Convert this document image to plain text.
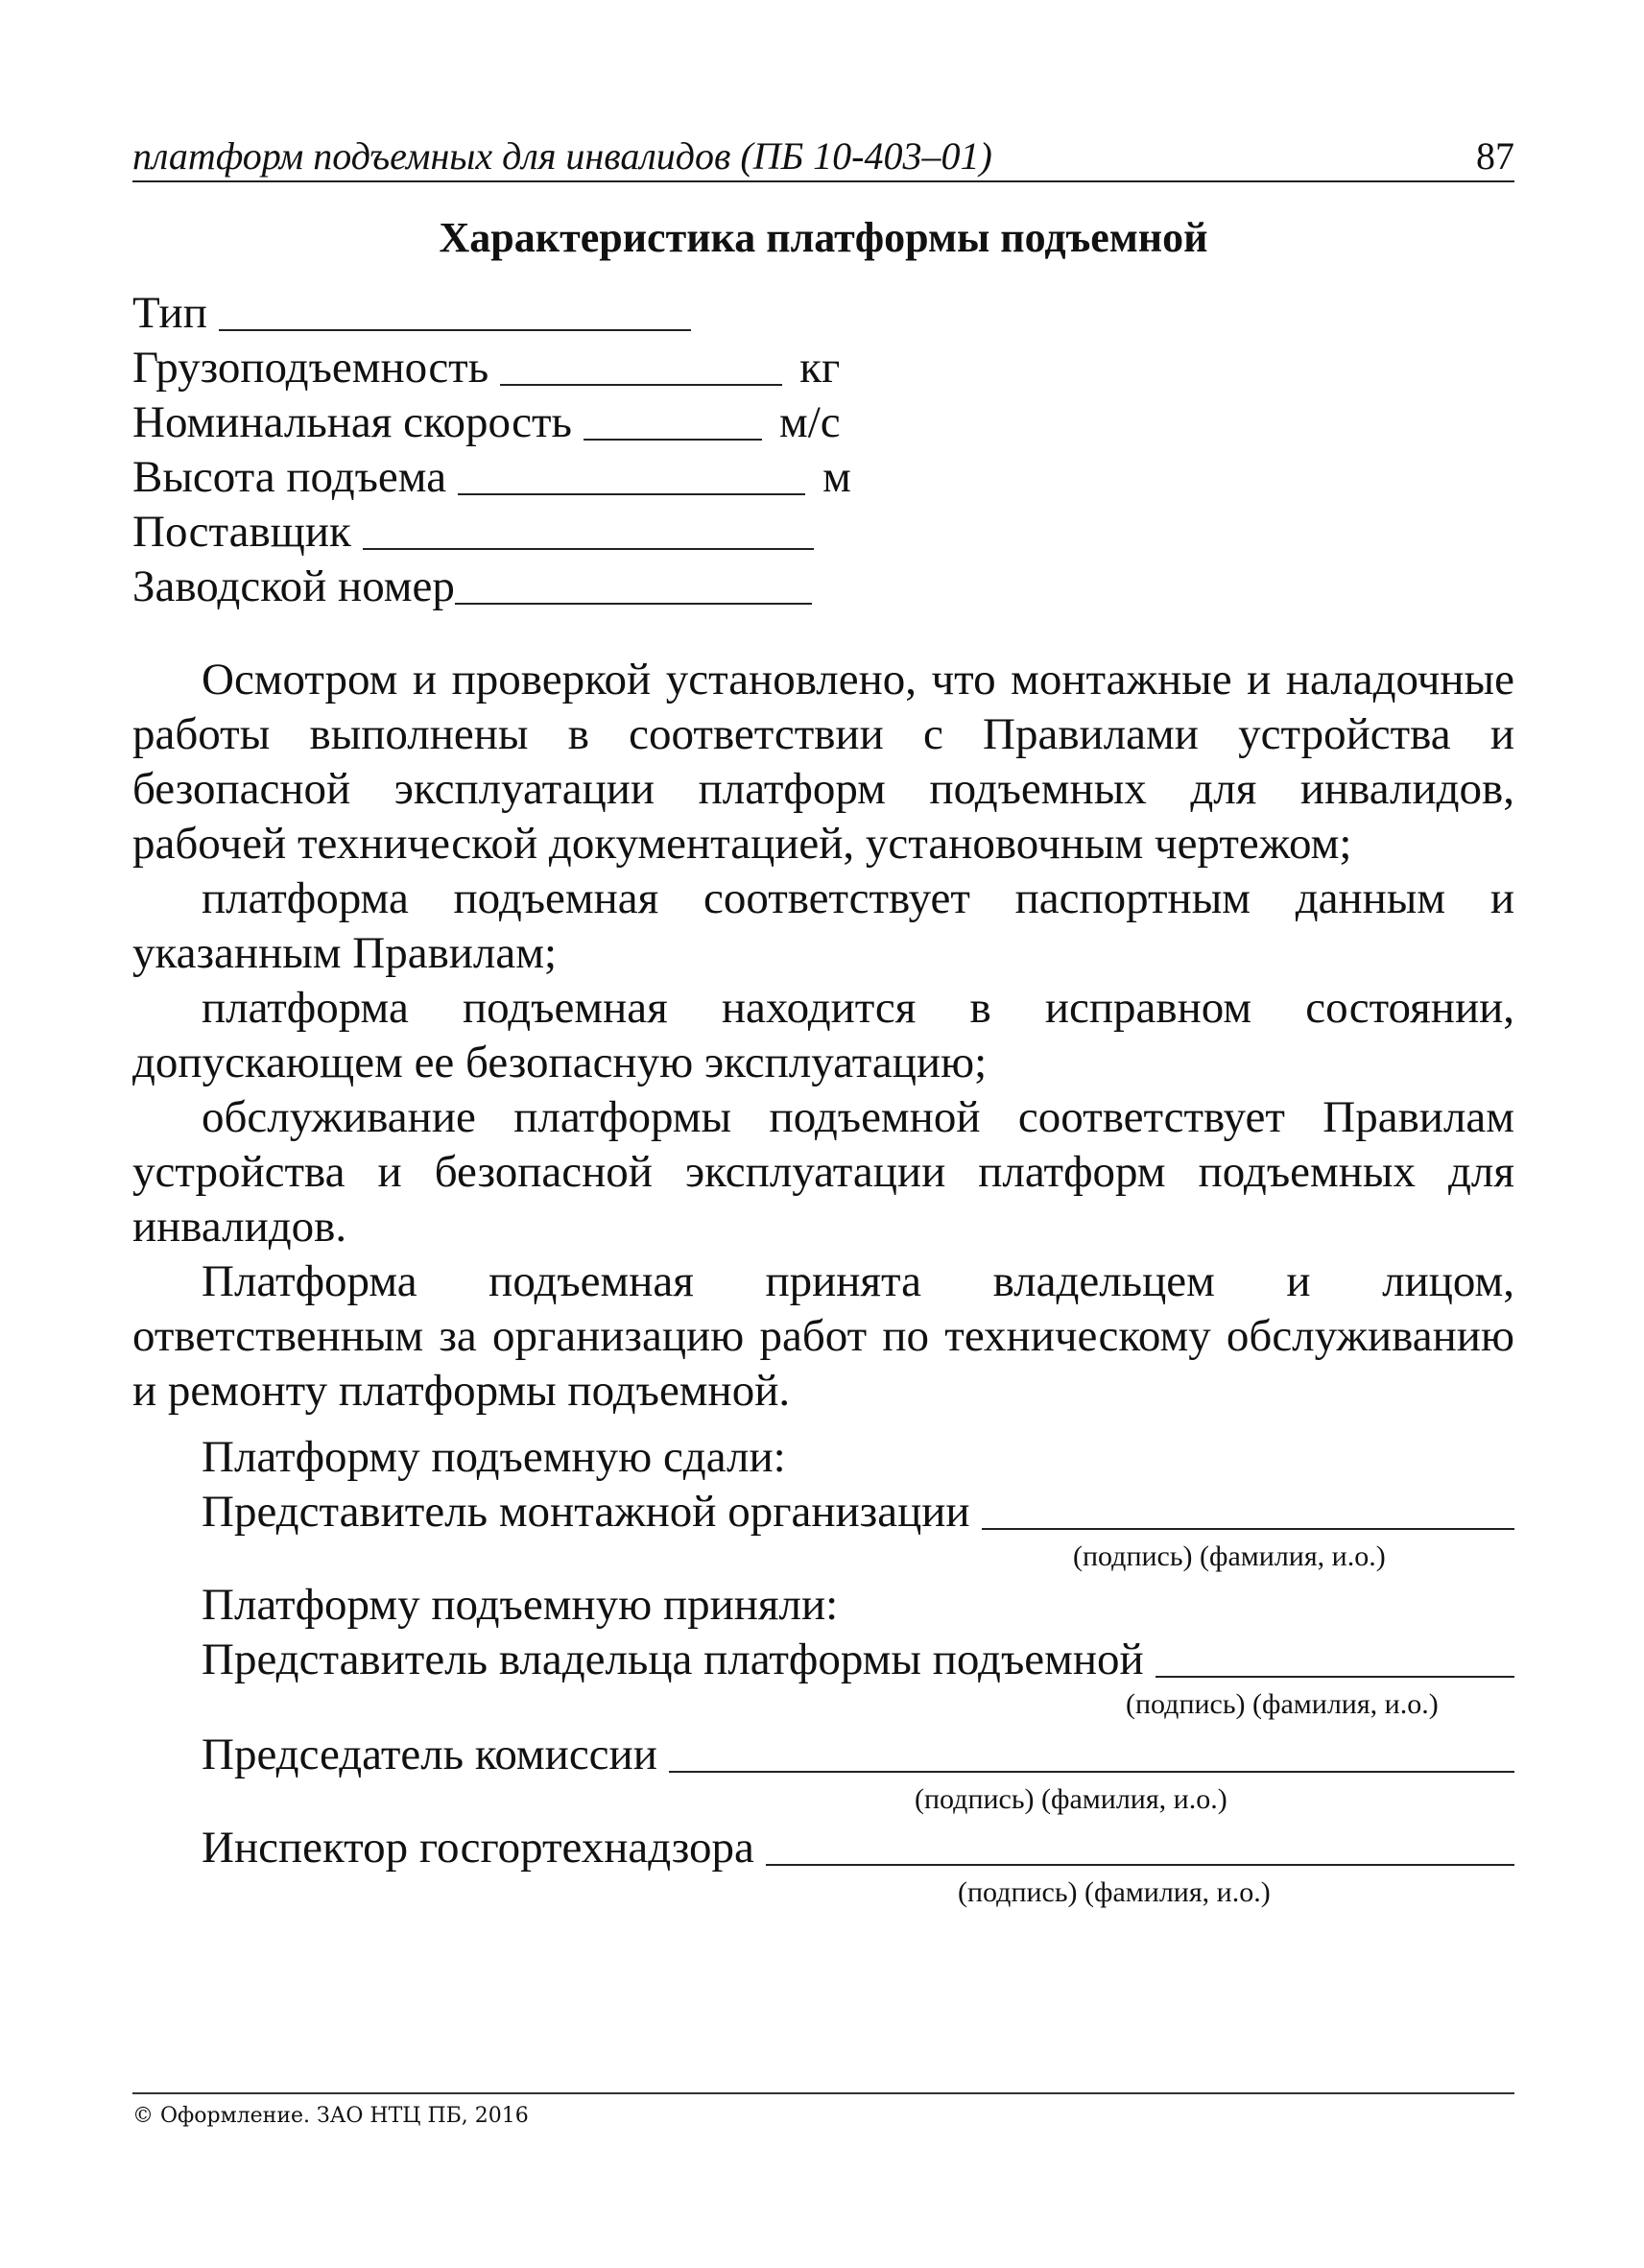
платформ подъемных для инвалидов (ПБ 10-403–01)	87
Характеристика платформы подъемной
Тип
Грузоподъемность	кг
Номинальная скорость	м/с
Высота подъема	м
Поставщик
Заводской номер

Осмотром и проверкой установлено, что монтажные и наладочные работы выполнены в соответствии с Правилами устройства и безопасной эксплуатации платформ подъемных для инвалидов, рабочей технической документацией, установочным чертежом;

платформа подъемная соответствует паспортным данным и указанным Правилам;

платформа подъемная находится в исправном состоянии, допускающем ее безопасную эксплуатацию;

обслуживание платформы подъемной соответствует Правилам устройства и безопасной эксплуатации платформ подъемных для инвалидов.

Платформа подъемная принята владельцем и лицом, ответственным за организацию работ по техническому обслуживанию и ремонту платформы подъемной.

Платформу подъемную сдали:
Представитель монтажной организации
(подпись) (фамилия, и.о.)
Платформу подъемную приняли:
Представитель владельца платформы подъемной
(подпись) (фамилия, и.о.)
Председатель комиссии
(подпись) (фамилия, и.о.)
Инспектор госгортехнадзора
(подпись) (фамилия, и.о.)
© Оформление. ЗАО НТЦ ПБ, 2016
